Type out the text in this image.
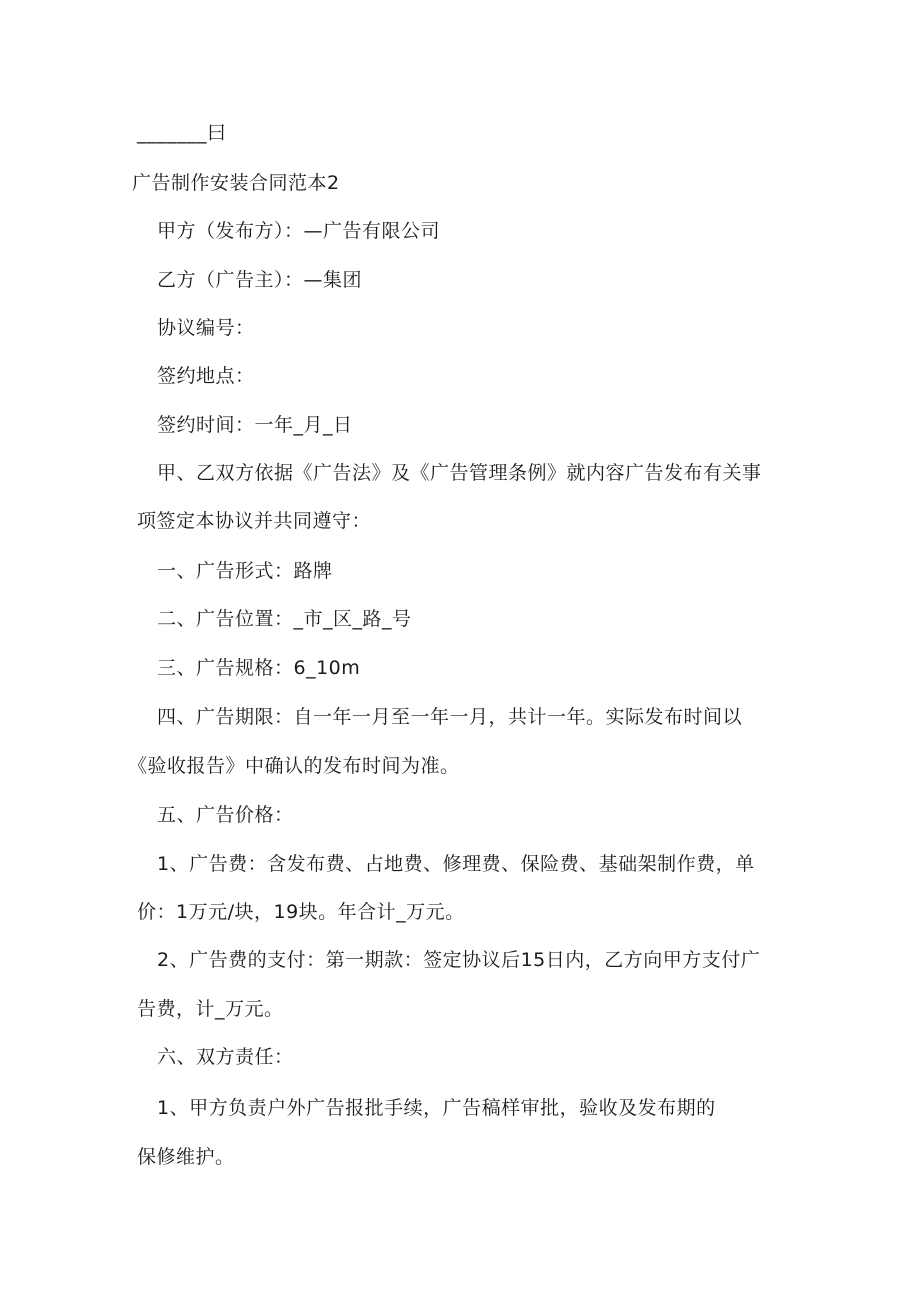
_______曰
广告制作安装合同范本2
甲方（发布方）：—广告有限公司
乙方（广告主）：—集团
协议编号：
签约地点：
签约时间：一年_月_日
甲、乙双方依据《广告法》及《广告管理条例》就内容广告发布有关事
项签定本协议并共同遵守：
一、广告形式：路牌
二、广告位置：_市_区_路_号
三、广告规格：6_10m
四、广告期限：自一年一月至一年一月，共计一年。实际发布时间以
《验收报告》中确认的发布时间为准。
五、广告价格：
1、广告费：含发布费、占地费、修理费、保险费、基础架制作费，单
价：1万元/块，19块。年合计_万元。
2、广告费的支付：第一期款：签定协议后15日内，乙方向甲方支付广
告费，计_万元。
六、双方责任：
1、甲方负责户外广告报批手续，广告稿样审批，验收及发布期的
保修维护。
